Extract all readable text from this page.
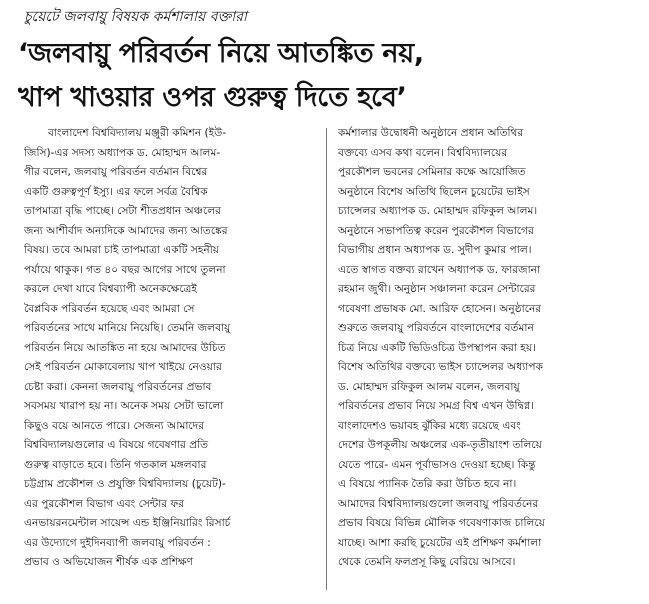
চুয়েটে জলবায়ু বিষয়ক কর্মশালায় বক্তারা
‘জলবায়ু পরিবর্তন নিয়ে আতঙ্কিত নয়,
খাপ খাওয়ার ওপর গুরুত্ব দিতে হবে’
বাংলাদেশ বিশ্ববিদ্যালয় মঞ্জুরী কমিশন (ইউ-
জিসি)-এর সদস্য অধ্যাপক ড. মোহাম্মদ আলম-
গীর বলেন, জলবায়ু পরিবর্তন বর্তমান বিশ্বের
একটি গুরুত্বপূর্ণ ইস্যু। এর ফলে সর্বত্র বৈশ্বিক
তাপমাত্রা বৃদ্ধি পাচ্ছে। সেটা শীতপ্রধান অঞ্চলের
জন্য আশীর্বাদ অন্যদিকে আমাদের জন্য আতঙ্কের
বিষয়। তবে আমরা চাই তাপমাত্রা একটি সহনীয়
পর্যায়ে থাকুক। গত ৪০ বছর আগের সাথে তুলনা
করলে দেখা যাবে বিশ্বব্যাপী অনেকক্ষেত্রেই
বৈপ্লবিক পরিবর্তন হয়েছে এবং আমরা সে
পরিবর্তনের সাথে মানিয়ে নিয়েছি। তেমনি জলবায়ু
পরিবর্তন নিয়ে আতঙ্কিত না হয়ে আমাদের উচিত
সেই পরিবর্তন মোকাবেলায় খাপ খাইয়ে নেওয়ার
চেষ্টা করা। কেননা জলবায়ু পরিবর্তনের প্রভাব
সবসময় খারাপ হয় না। অনেক সময় সেটা ভালো
কিছুও বয়ে আনতে পারে। সেজন্য আমাদের
বিশ্ববিদ্যালয়গুলোর এ বিষয়ে গবেষণার প্রতি
গুরুত্ব বাড়াতে হবে। তিনি গতকাল মঙ্গলবার
চট্টগ্রাম প্রকৌশল ও প্রযুক্তি বিশ্ববিদ্যালয় (চুয়েট)-
এর পুরকৌশল বিভাগ এবং সেন্টার ফর
এনভায়রনমেন্টাল সায়েন্স এন্ড ইঞ্জিনিয়ারিং রিসার্চ
এর উদ্যোগে দুইদিনব্যাপী জলবায়ু পরিবর্তন :
প্রভাব ও অভিযোজন শীর্ষক এক প্রশিক্ষণ
কর্মশালার উদ্বোধনী অনুষ্ঠানে প্রধান অতিথির
বক্তব্যে এসব কথা বলেন। বিশ্ববিদ্যালয়ের
পুরকৌশল ভবনের সেমিনার কক্ষে আয়োজিত
অনুষ্ঠানে বিশেষ অতিথি ছিলেন চুয়েটের ভাইস
চ্যান্সেলর অধ্যাপক ড. মোহাম্মদ রফিকুল আলম।
অনুষ্ঠানে সভাপতিত্ব করেন পুরকৌশল বিভাগের
বিভাগীয় প্রধান অধ্যাপক ড. সুদীপ কুমার পাল।
এতে স্বাগত বক্তব্য রাখেন অধ্যাপক ড. ফারজানা
রহমান জুথী। অনুষ্ঠান সঞ্চালনা করেন সেন্টারের
গবেষণা প্রভাষক মো. আরিফ হোসেন। অনুষ্ঠানের
শুরুতে জলবায়ু পরিবর্তনে বাংলাদেশের বর্তমান
চিত্র নিয়ে একটি ভিডিওচিত্র উপস্থাপন করা হয়।
বিশেষ অতিথির বক্তব্যে ভাইস চ্যান্সেলর অধ্যাপক
ড. মোহাম্মদ রফিকুল আলম বলেন, জলবায়ু
পরিবর্তনের প্রভাব নিয়ে সমগ্র বিশ্ব এখন উদ্বিগ্ন।
বাংলাদেশও ভয়াবহ ঝুঁকির মধ্যে রয়েছে এবং
দেশের উপকূলীয় অঞ্চলের এক-তৃতীয়াংশ তলিয়ে
যেতে পারে- এমন পূর্বাভাসও দেওয়া হচ্ছে। কিন্তু
এ বিষয়ে প্যানিক তৈরি করা উচিত হবে না।
আমাদের বিশ্ববিদ্যালয়গুলো জলবায়ু পরিবর্তনের
প্রভাব বিষয়ে বিভিন্ন মৌলিক গবেষণাকাজ চালিয়ে
যাচ্ছে। আশা করছি চুয়েটের এই প্রশিক্ষণ কর্মশালা
থেকে তেমনি ফলপ্রসূ কিছু বেরিয়ে আসবে।
